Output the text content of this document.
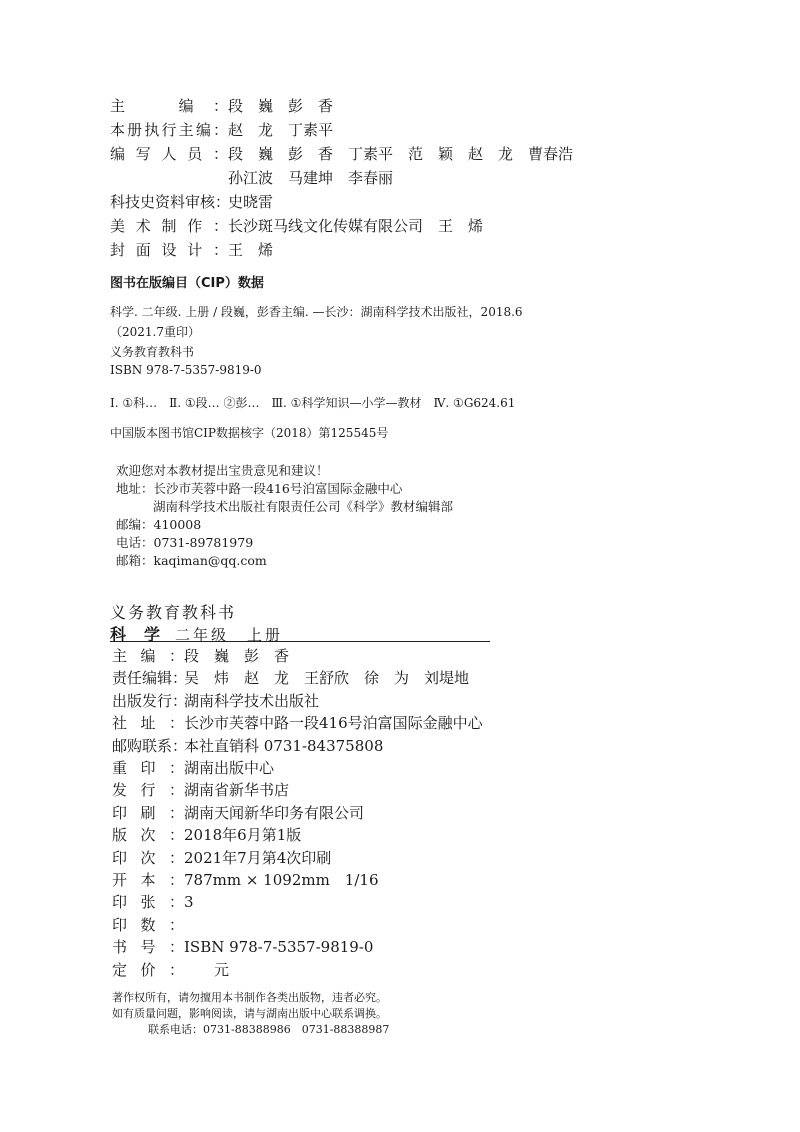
主　编：段　巍　彭　香
本册执行主编：赵　龙　丁素平
编写人员：段　巍　彭　香　丁素平　范　颖　赵　龙　曹春浩
孙江波　马建坤　李春丽
科技史资料审核：史晓雷
美术制作：长沙斑马线文化传媒有限公司　王　烯
封面设计：王　烯
图书在版编目（CIP）数据
科学. 二年级. 上册 / 段巍，彭香主编. —长沙：湖南科学技术出版社，2018.6
（2021.7重印）
义务教育教科书
ISBN 978-7-5357-9819-0
Ⅰ. ①科…　Ⅱ. ①段… ②彭…　Ⅲ. ①科学知识—小学—教材　Ⅳ. ①G624.61
中国版本图书馆CIP数据核字（2018）第125545号
欢迎您对本教材提出宝贵意见和建议！
地址：长沙市芙蓉中路一段416号泊富国际金融中心
湖南科学技术出版社有限责任公司《科学》教材编辑部
邮编：410008
电话：0731-89781979
邮箱：kaqiman@qq.com
义务教育教科书
科　学 二年级　上册
主编：段　巍　彭　香
责任编辑：吴　炜　赵　龙　王舒欣　徐　为　刘堤地
出版发行：湖南科学技术出版社
社址：长沙市芙蓉中路一段416号泊富国际金融中心
邮购联系：本社直销科 0731-84375808
重印：湖南出版中心
发行：湖南省新华书店
印刷：湖南天闻新华印务有限公司
版次：2018年6月第1版
印次：2021年7月第4次印刷
开本：787mm × 1092mm　1/16
印张：3
印数：
书号：ISBN 978-7-5357-9819-0
定价：　　元
著作权所有，请勿擅用本书制作各类出版物，违者必究。
如有质量问题，影响阅读，请与湖南出版中心联系调换。
联系电话：0731-88388986　0731-88388987
